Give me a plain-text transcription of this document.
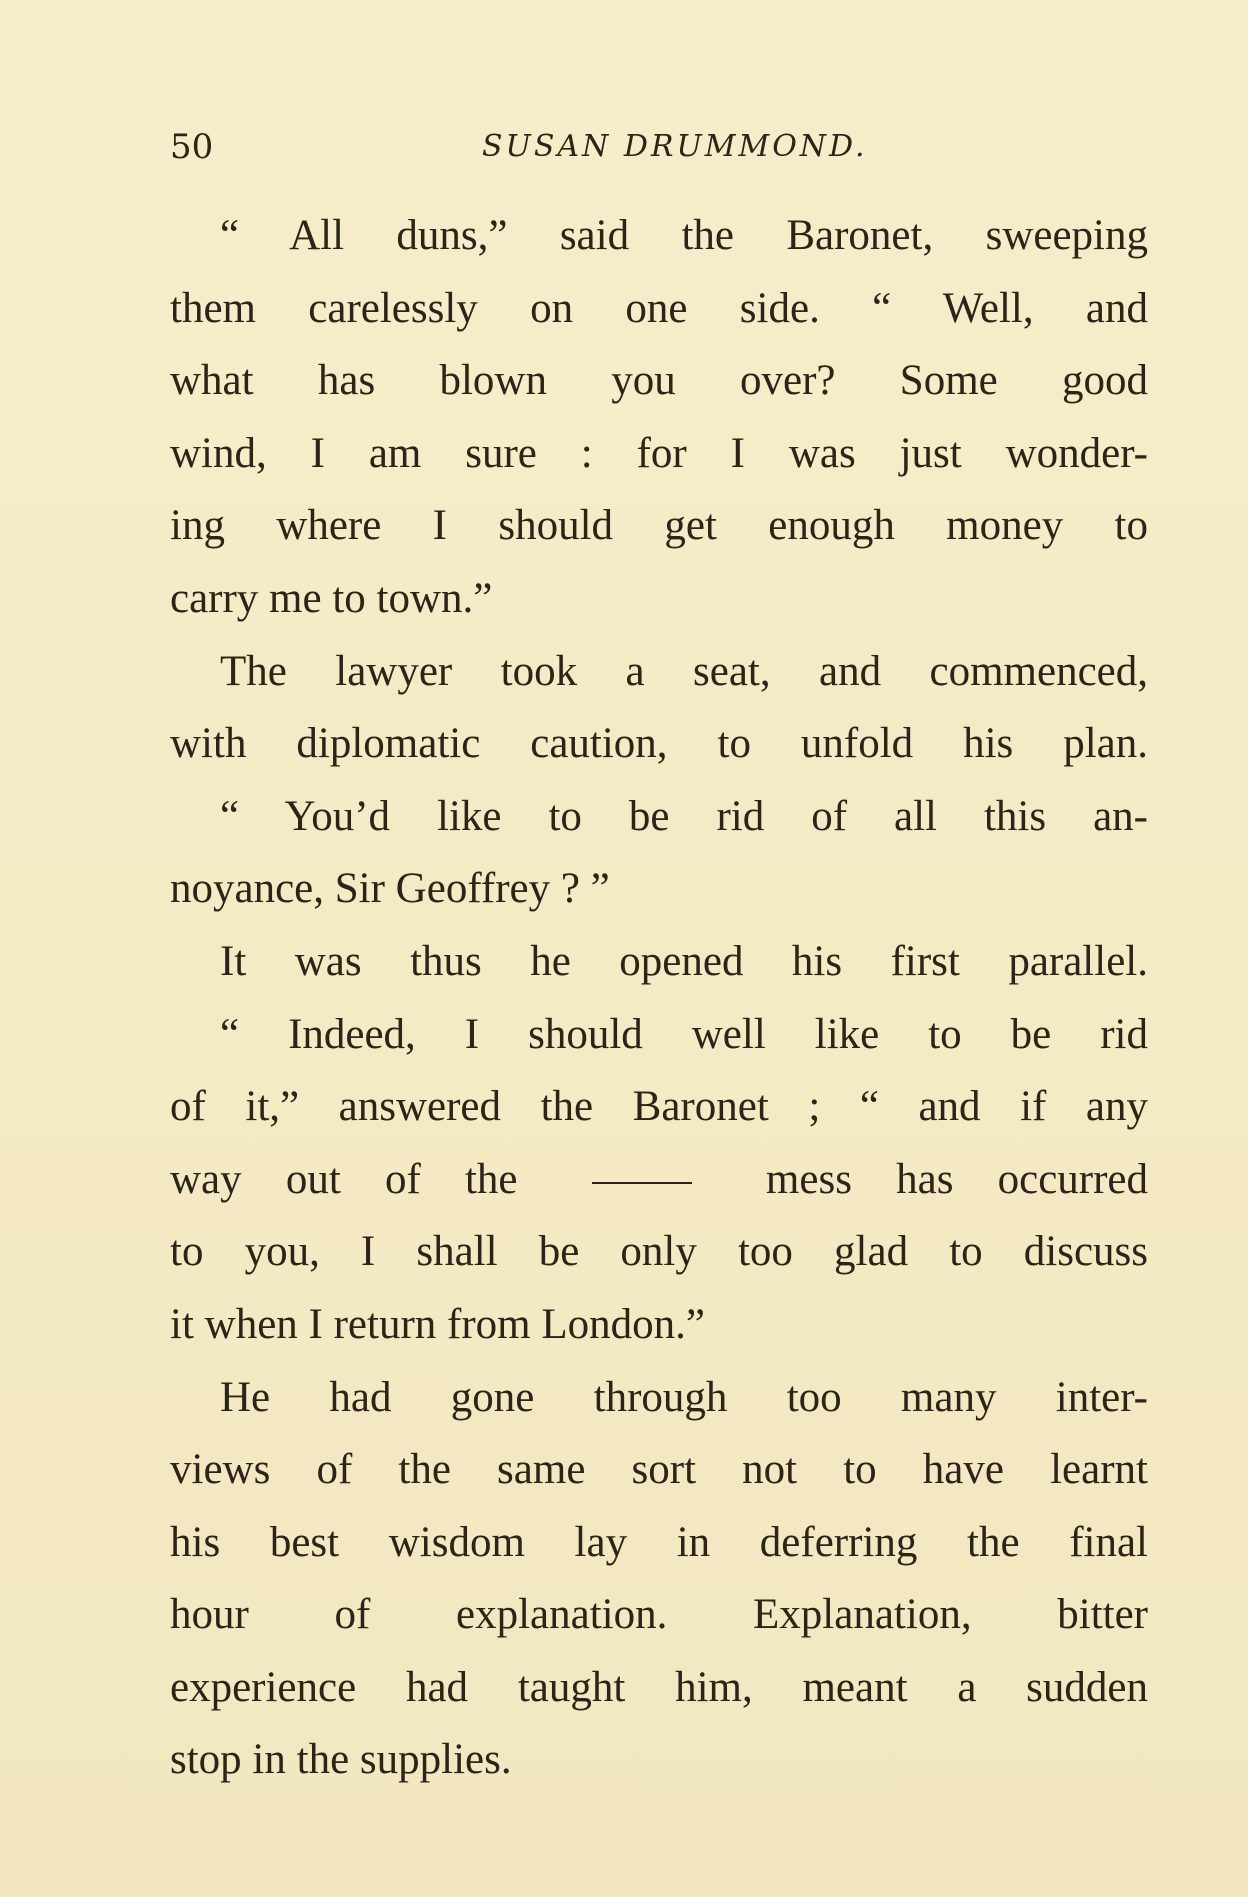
50	SUSAN DRUMMOND.
“ All duns,” said the Baronet, sweeping
them carelessly on one side. “ Well, and
what has blown you over? Some good
wind, I am sure : for I was just wonder-
ing where I should get enough money to
carry me to town.”
The lawyer took a seat, and commenced,
with diplomatic caution, to unfold his plan.
“ You’d like to be rid of all this an-
noyance, Sir Geoffrey ? ”
It was thus he opened his first parallel.
“ Indeed, I should well like to be rid
of it,” answered the Baronet ; “ and if any
way out of the	mess has occurred
to you, I shall be only too glad to discuss
it when I return from London.”
He had gone through too many inter-
views of the same sort not to have learnt
his best wisdom lay in deferring the final
hour of explanation. Explanation, bitter
experience had taught him, meant a sudden
stop in the supplies.
